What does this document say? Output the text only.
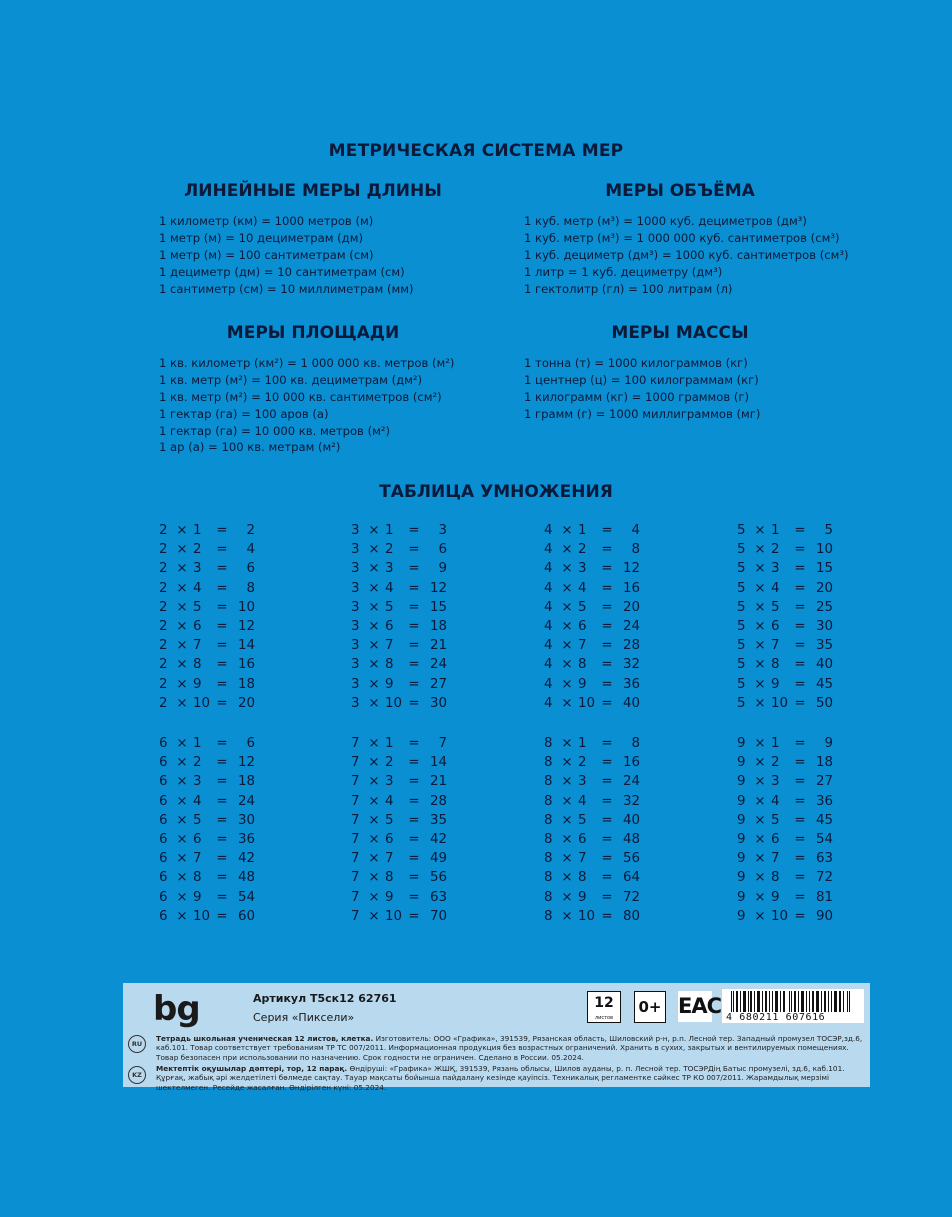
МЕТРИЧЕСКАЯ СИСТЕМА МЕР
ЛИНЕЙНЫЕ МЕРЫ ДЛИНЫ	МЕРЫ ОБЪЁМА
1 километр (км) = 1000 метров (м)
1 метр (м) = 10 дециметрам (дм)
1 метр (м) = 100 сантиметрам (см)
1 дециметр (дм) = 10 сантиметрам (см)
1 сантиметр (см) = 10 миллиметрам (мм)
1 куб. метр (м³) = 1000 куб. дециметров (дм³)
1 куб. метр (м³) = 1 000 000 куб. сантиметров (см³)
1 куб. дециметр (дм³) = 1000 куб. сантиметров (см³)
1 литр = 1 куб. дециметру (дм³)
1 гектолитр (гл) = 100 литрам (л)
МЕРЫ ПЛОЩАДИ	МЕРЫ МАССЫ
1 кв. километр (км²) = 1 000 000 кв. метров (м²)
1 кв. метр (м²) = 100 кв. дециметрам (дм²)
1 кв. метр (м²) = 10 000 кв. сантиметров (см²)
1 гектар (га) = 100 аров (а)
1 гектар (га) = 10 000 кв. метров (м²)
1 ар (а) = 100 кв. метрам (м²)
1 тонна (т) = 1000 килограммов (кг)
1 центнер (ц) = 100 килограммам (кг)
1 килограмм (кг) = 1000 граммов (г)
1 грамм (г) = 1000 миллиграммов (мг)
ТАБЛИЦА УМНОЖЕНИЯ
2 × 1	=	2
2 × 2	=	4
2 × 3	=	6
2 × 4	=	8
2 × 5	= 10
2 × 6	= 12
2 × 7	= 14
2 × 8	= 16
2 × 9	= 18
2 × 10 = 20
3 × 1	=	3
3 × 2	=	6
3 × 3	=	9
3 × 4	= 12
3 × 5	= 15
3 × 6	= 18
3 × 7	= 21
3 × 8	= 24
3 × 9	= 27
3 × 10 = 30
4 × 1	=	4
4 × 2	=	8
4 × 3	= 12
4 × 4	= 16
4 × 5	= 20
4 × 6	= 24
4 × 7	= 28
4 × 8	= 32
4 × 9	= 36
4 × 10 = 40
5 × 1	=	5
5 × 2	= 10
5 × 3	= 15
5 × 4	= 20
5 × 5	= 25
5 × 6	= 30
5 × 7	= 35
5 × 8	= 40
5 × 9	= 45
5 × 10 = 50
6 × 1	=	6
6 × 2	= 12
6 × 3	= 18
6 × 4	= 24
6 × 5	= 30
6 × 6	= 36
6 × 7	= 42
6 × 8	= 48
6 × 9	= 54
6 × 10 = 60
7 × 1	=	7
7 × 2	= 14
7 × 3	= 21
7 × 4	= 28
7 × 5	= 35
7 × 6	= 42
7 × 7	= 49
7 × 8	= 56
7 × 9	= 63
7 × 10 = 70
8 × 1	=	8
8 × 2	= 16
8 × 3	= 24
8 × 4	= 32
8 × 5	= 40
8 × 6	= 48
8 × 7	= 56
8 × 8	= 64
8 × 9	= 72
8 × 10 = 80
9 × 1	=	9
9 × 2	= 18
9 × 3	= 27
9 × 4	= 36
9 × 5	= 45
9 × 6	= 54
9 × 7	= 63
9 × 8	= 72
9 × 9	= 81
9 × 10 = 90
bg	Артикул Т5ск12 62761
Серия «Пиксели»
12
листов
0+ EAC 4 680211 607616
RU
Тетрадь школьная ученическая 12 листов, клетка. Изготовитель: ООО «Графика», 391539, Рязанская область, Шиловский р-н, р.п. Лесной тер. Западный промузел ТОСЭР,зд.6, каб.101. Товар соответствует требованиям ТР ТС 007/2011. Информационная продукция без возрастных ограничений. Хранить в сухих, закрытых и вентилируемых помещениях. Товар безопасен при использовании по назначению. Срок годности не ограничен. Сделано в России. 05.2024.
KZ
Мектептік оқушылар дәптері, тор, 12 парақ. Өндіруші: «Графика» ЖШҚ, 391539, Рязань облысы, Шилов ауданы, р. п. Лесной тер. ТОСЭРДің Батыс промузелі, зд.6, каб.101. Құрғақ, жабық әрі желдетілеті бөлмеде сақтау. Тауар мақсаты бойынша пайдалану кезінде қауіпсіз. Техникалық регламентке сәйкес ТР КО 007/2011. Жарамдылық мерзімі шектелмеген. Ресейде жасалған. Өндірілген күні: 05.2024.
